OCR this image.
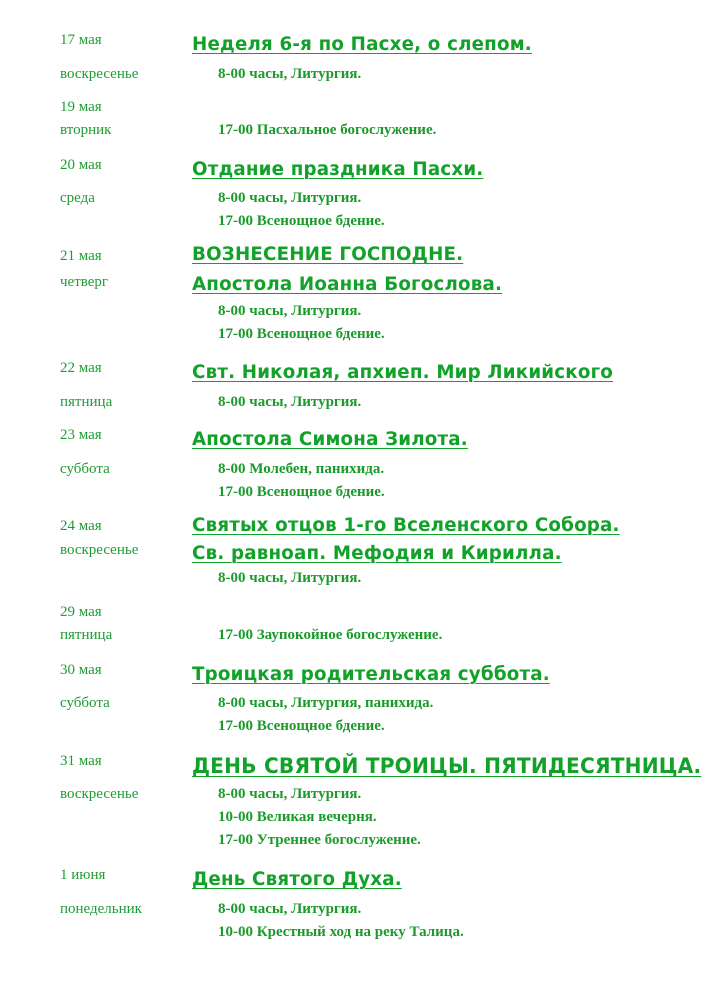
17 мая
воскресенье
Неделя 6-я по Пасхе, о слепом.
8-00 часы, Литургия.
19 мая
вторник	17-00 Пасхальное богослужение.
20 мая
среда
Отдание праздника Пасхи.
8-00 часы, Литургия.
17-00 Всенощное бдение.
21 мая
четверг
ВОЗНЕСЕНИЕ ГОСПОДНЕ.
Апостола Иоанна Богослова.
8-00 часы, Литургия.
17-00 Всенощное бдение.
22 мая
пятница
Свт. Николая, апхиеп. Мир Ликийского
8-00 часы, Литургия.
23 мая
суббота
Апостола Симона Зилота.
8-00 Молебен, панихида.
17-00 Всенощное бдение.
24 мая
воскресенье
Святых отцов 1-го Вселенского Собора.
Св. равноап. Мефодия и Кирилла.
8-00 часы, Литургия.
29 мая
пятница	17-00 Заупокойное богослужение.
30 мая
суббота
Троицкая родительская суббота.
8-00 часы, Литургия, панихида.
17-00 Всенощное бдение.
31 мая
воскресенье
ДЕНЬ СВЯТОЙ ТРОИЦЫ. ПЯТИДЕСЯТНИЦА.
8-00 часы, Литургия.
10-00 Великая вечерня.
17-00 Утреннее богослужение.
1 июня
понедельник
День Святого Духа.
8-00 часы, Литургия.
10-00 Крестный ход на реку Талица.
